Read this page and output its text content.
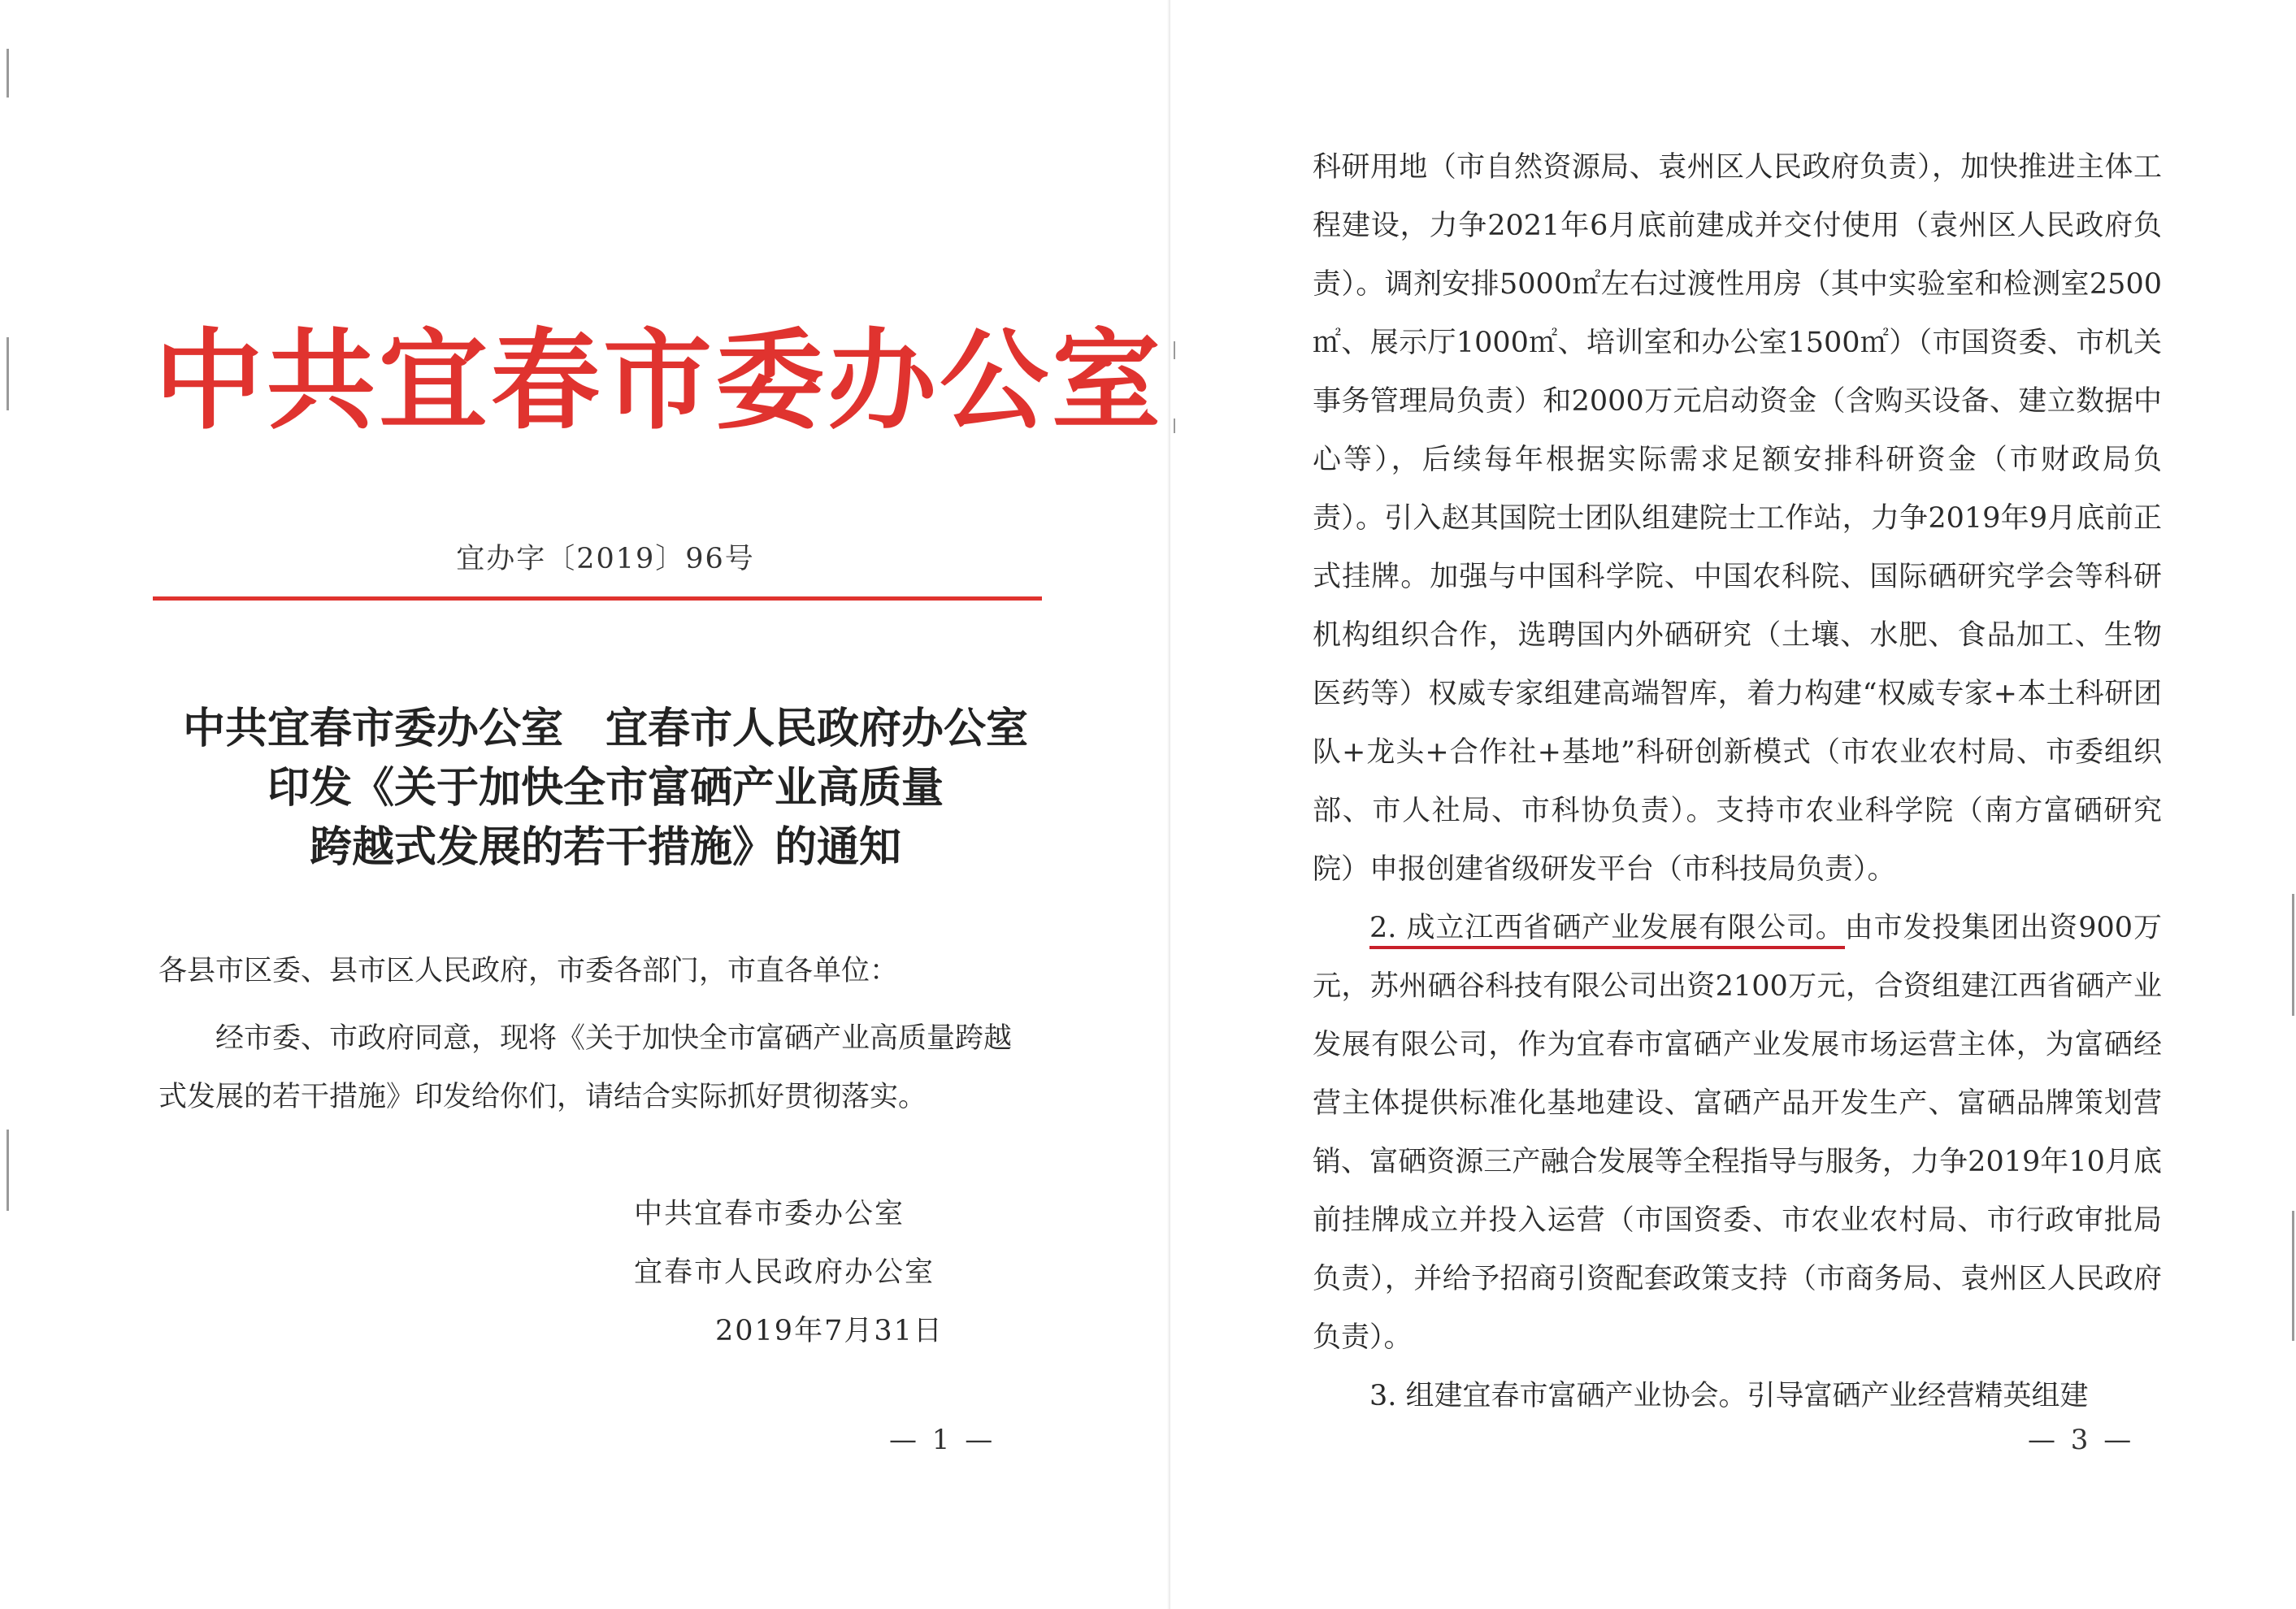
中共宜春市委办公室
宜办字〔2019〕96号
中共宜春市委办公室　宜春市人民政府办公室
印发《关于加快全市富硒产业高质量
跨越式发展的若干措施》的通知
各县市区委、县市区人民政府，市委各部门，市直各单位：

经市委、市政府同意，现将《关于加快全市富硒产业高质量跨越式发展的若干措施》印发给你们，请结合实际抓好贯彻落实。

中共宜春市委办公室
宜春市人民政府办公室
2019年7月31日
— 1 —

科研用地（市自然资源局、袁州区人民政府负责），加快推进主体工程建设，力争2021年6月底前建成并交付使用（袁州区人民政府负责）。调剂安排5000㎡左右过渡性用房（其中实验室和检测室2500㎡、展示厅1000㎡、培训室和办公室1500㎡）（市国资委、市机关事务管理局负责）和2000万元启动资金（含购买设备、建立数据中心等），后续每年根据实际需求足额安排科研资金（市财政局负责）。引入赵其国院士团队组建院士工作站，力争2019年9月底前正式挂牌。加强与中国科学院、中国农科院、国际硒研究学会等科研机构组织合作，选聘国内外硒研究（土壤、水肥、食品加工、生物医药等）权威专家组建高端智库，着力构建“权威专家+本土科研团队+龙头+合作社+基地”科研创新模式（市农业农村局、市委组织部、市人社局、市科协负责）。支持市农业科学院（南方富硒研究院）申报创建省级研发平台（市科技局负责）。

2. 成立江西省硒产业发展有限公司。由市发投集团出资900万元，苏州硒谷科技有限公司出资2100万元，合资组建江西省硒产业发展有限公司，作为宜春市富硒产业发展市场运营主体，为富硒经营主体提供标准化基地建设、富硒产品开发生产、富硒品牌策划营销、富硒资源三产融合发展等全程指导与服务，力争2019年10月底前挂牌成立并投入运营（市国资委、市农业农村局、市行政审批局负责），并给予招商引资配套政策支持（市商务局、袁州区人民政府负责）。

3. 组建宜春市富硒产业协会。引导富硒产业经营精英组建

— 3 —
